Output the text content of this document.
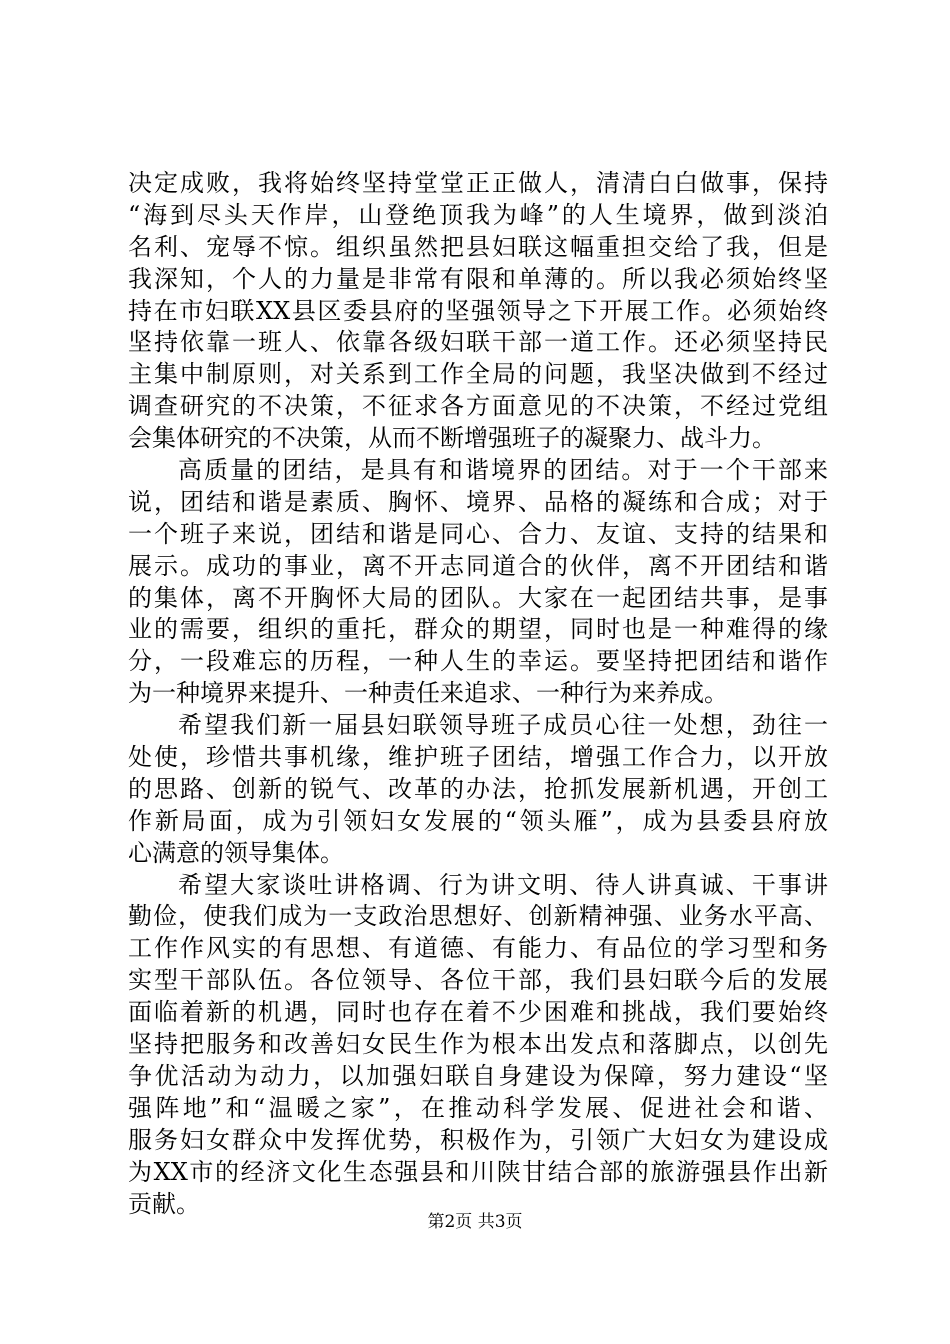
决定成败，我将始终坚持堂堂正正做人，清清白白做事，保持
“海到尽头天作岸，山登绝顶我为峰”的人生境界，做到淡泊
名利、宠辱不惊。组织虽然把县妇联这幅重担交给了我，但是
我深知，个人的力量是非常有限和单薄的。所以我必须始终坚
持在市妇联XX县区委县府的坚强领导之下开展工作。必须始终
坚持依靠一班人、依靠各级妇联干部一道工作。还必须坚持民
主集中制原则，对关系到工作全局的问题，我坚决做到不经过
调查研究的不决策，不征求各方面意见的不决策，不经过党组
会集体研究的不决策，从而不断增强班子的凝聚力、战斗力。
高质量的团结，是具有和谐境界的团结。对于一个干部来
说，团结和谐是素质、胸怀、境界、品格的凝练和合成；对于
一个班子来说，团结和谐是同心、合力、友谊、支持的结果和
展示。成功的事业，离不开志同道合的伙伴，离不开团结和谐
的集体，离不开胸怀大局的团队。大家在一起团结共事，是事
业的需要，组织的重托，群众的期望，同时也是一种难得的缘
分，一段难忘的历程，一种人生的幸运。要坚持把团结和谐作
为一种境界来提升、一种责任来追求、一种行为来养成。
希望我们新一届县妇联领导班子成员心往一处想，劲往一
处使，珍惜共事机缘，维护班子团结，增强工作合力，以开放
的思路、创新的锐气、改革的办法，抢抓发展新机遇，开创工
作新局面，成为引领妇女发展的“领头雁”，成为县委县府放
心满意的领导集体。
希望大家谈吐讲格调、行为讲文明、待人讲真诚、干事讲
勤俭，使我们成为一支政治思想好、创新精神强、业务水平高、
工作作风实的有思想、有道德、有能力、有品位的学习型和务
实型干部队伍。各位领导、各位干部，我们县妇联今后的发展
面临着新的机遇，同时也存在着不少困难和挑战，我们要始终
坚持把服务和改善妇女民生作为根本出发点和落脚点，以创先
争优活动为动力，以加强妇联自身建设为保障，努力建设“坚
强阵地”和“温暖之家”，在推动科学发展、促进社会和谐、
服务妇女群众中发挥优势，积极作为，引领广大妇女为建设成
为XX市的经济文化生态强县和川陕甘结合部的旅游强县作出新
贡献。
第2页 共3页
